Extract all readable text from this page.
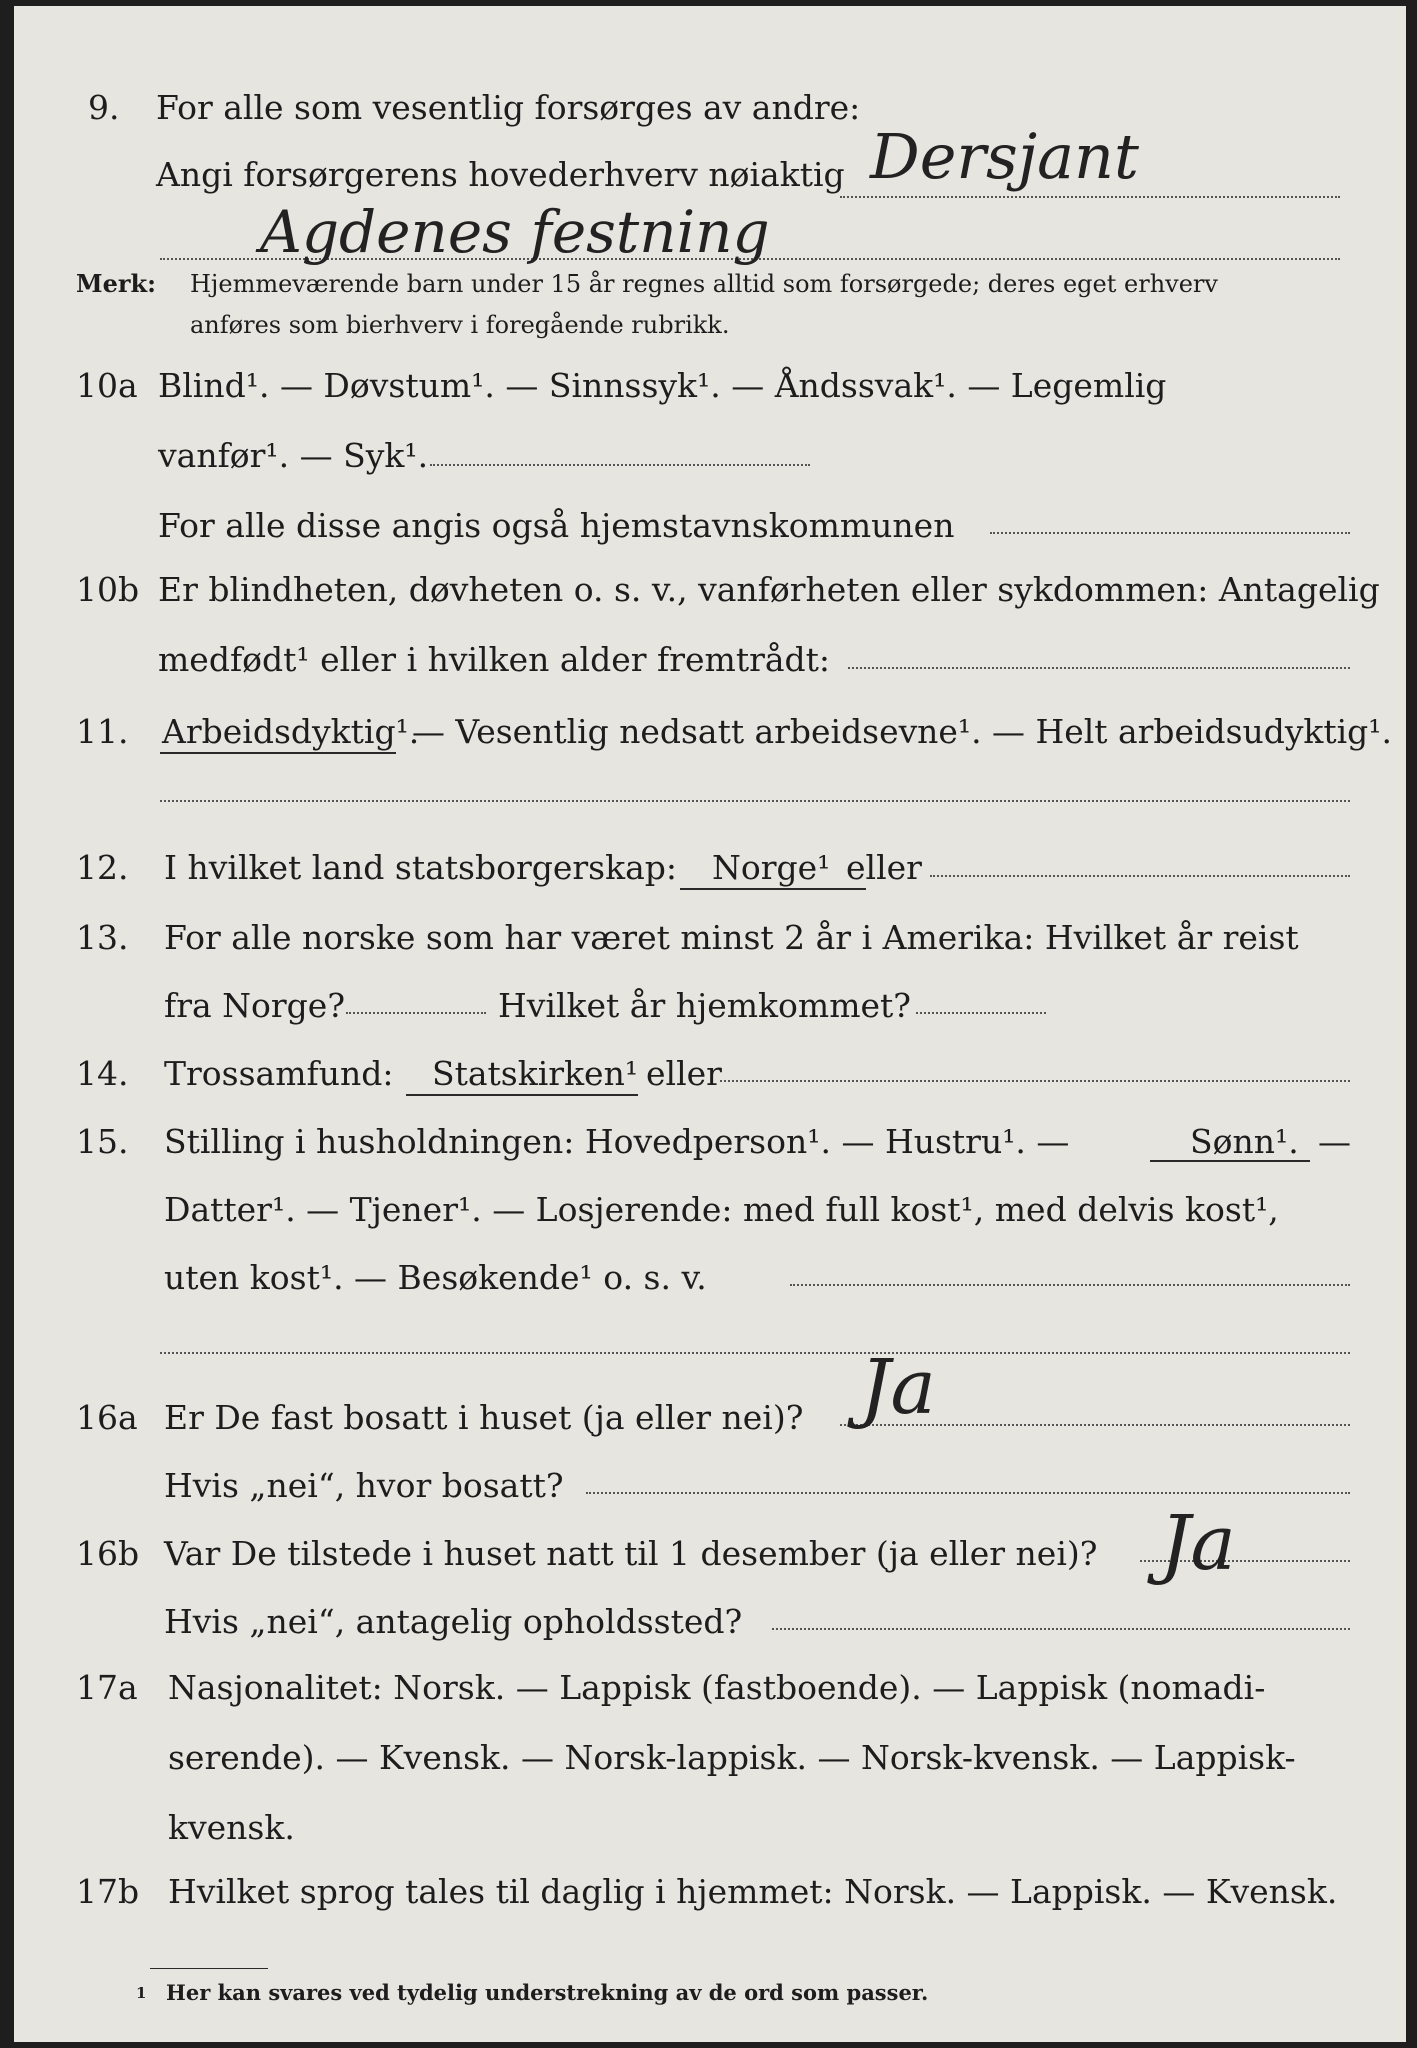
9. For alle som vesentlig forsørges av andre:
Angi forsørgerens hovederhverv nøiaktig Dersjant
Agdenes festning
Merk: Hjemmeværende barn under 15 år regnes alltid som forsørgede; deres eget erhverv
anføres som bierhverv i foregående rubrikk.
10a Blind¹. — Døvstum¹. — Sinnssyk¹. — Åndssvak¹. — Legemlig
vanfør¹. — Syk¹.
For alle disse angis også hjemstavnskommunen
10b Er blindheten, døvheten o. s. v., vanførheten eller sykdommen: Antagelig
medfødt¹ eller i hvilken alder fremtrådt:
11. Arbeidsdyktig¹.
— Vesentlig nedsatt arbeidsevne¹. — Helt arbeidsudyktig¹.
12. I hvilket land statsborgerskap: Norge¹ eller
13. For alle norske som har været minst 2 år i Amerika: Hvilket år reist
fra Norge?	Hvilket år hjemkommet?
14. Trossamfund: Statskirken¹ eller
15. Stilling i husholdningen: Hovedperson¹. — Hustru¹. —	Sønn¹. —
Datter¹. — Tjener¹. — Losjerende: med full kost¹, med delvis kost¹,
uten kost¹. — Besøkende¹ o. s. v.
16a Er De fast bosatt i huset (ja eller nei)? Ja
Hvis „nei“, hvor bosatt?
16b Var De tilstede i huset natt til 1 desember (ja eller nei)? Ja
Hvis „nei“, antagelig opholdssted?
17a Nasjonalitet: Norsk. — Lappisk (fastboende). — Lappisk (nomadi-
serende). — Kvensk. — Norsk-lappisk. — Norsk-kvensk. — Lappisk-
kvensk.
17b Hvilket sprog tales til daglig i hjemmet: Norsk. — Lappisk. — Kvensk.
1 Her kan svares ved tydelig understrekning av de ord som passer.
